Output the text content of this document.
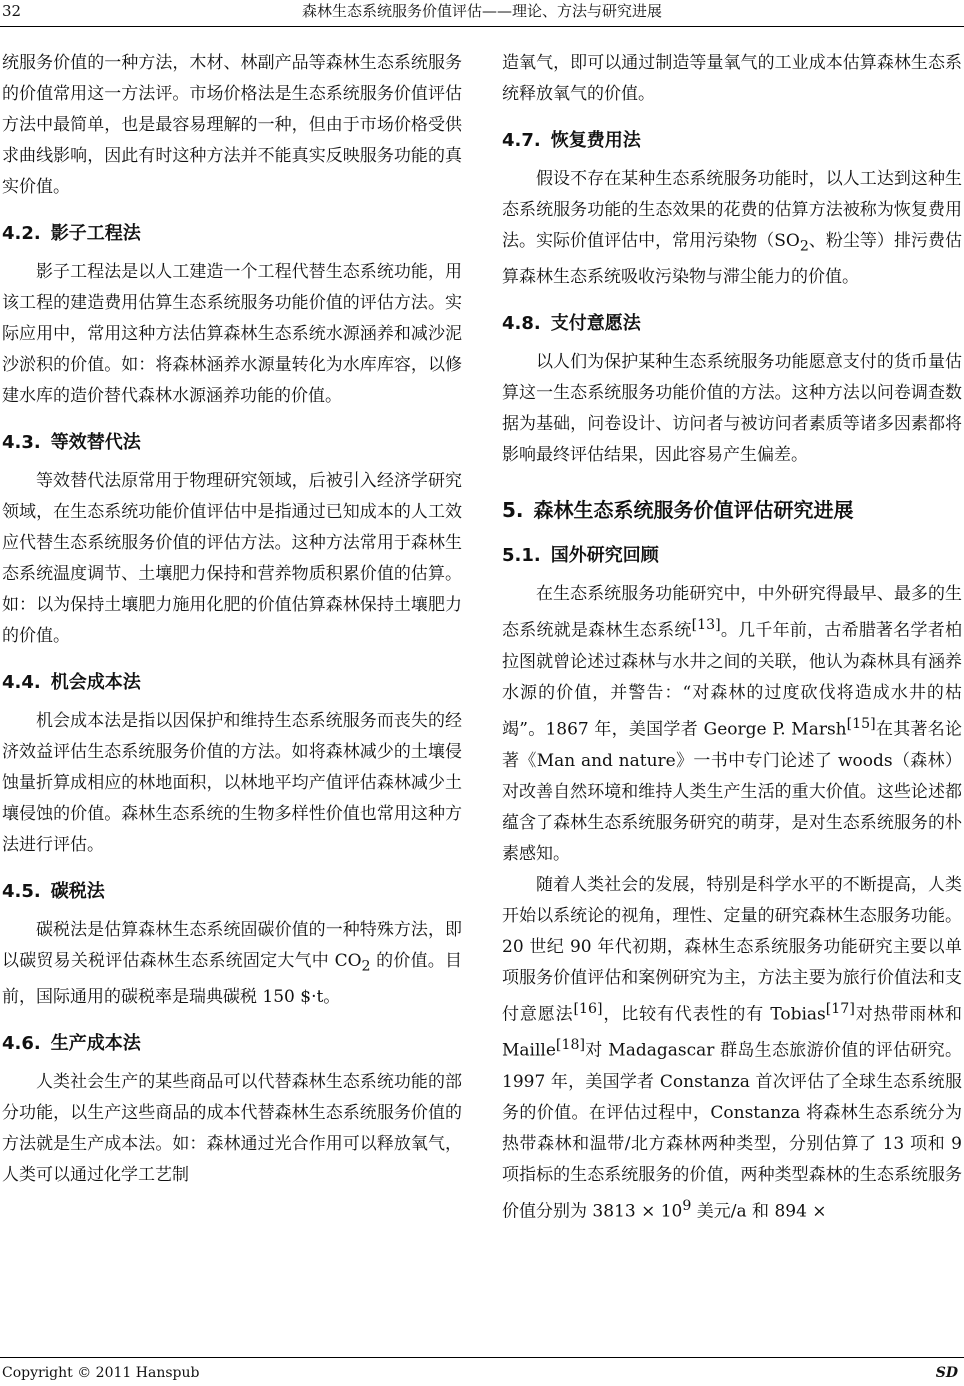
32	森林生态系统服务价值评估——理论、方法与研究进展

统服务价值的一种方法，木材、林副产品等森林生态系统服务的价值常用这一方法评。市场价格法是生态系统服务价值评估方法中最简单，也是最容易理解的一种，但由于市场价格受供求曲线影响，因此有时这种方法并不能真实反映服务功能的真实价值。

4.2. 影子工程法

影子工程法是以人工建造一个工程代替生态系统功能，用该工程的建造费用估算生态系统服务功能价值的评估方法。实际应用中，常用这种方法估算森林生态系统水源涵养和减沙泥沙淤积的价值。如：将森林涵养水源量转化为水库库容，以修建水库的造价替代森林水源涵养功能的价值。

4.3. 等效替代法

等效替代法原常用于物理研究领域，后被引入经济学研究领域，在生态系统功能价值评估中是指通过已知成本的人工效应代替生态系统服务价值的评估方法。这种方法常用于森林生态系统温度调节、土壤肥力保持和营养物质积累价值的估算。如：以为保持土壤肥力施用化肥的价值估算森林保持土壤肥力的价值。

4.4. 机会成本法

机会成本法是指以因保护和维持生态系统服务而丧失的经济效益评估生态系统服务价值的方法。如将森林减少的土壤侵蚀量折算成相应的林地面积，以林地平均产值评估森林减少土壤侵蚀的价值。森林生态系统的生物多样性价值也常用这种方法进行评估。

4.5. 碳税法

碳税法是估算森林生态系统固碳价值的一种特殊方法，即以碳贸易关税评估森林生态系统固定大气中 $CO_2$ 的价值。目前，国际通用的碳税率是瑞典碳税 150 $·t。

4.6. 生产成本法

人类社会生产的某些商品可以代替森林生态系统功能的部分功能，以生产这些商品的成本代替森林生态系统服务价值的方法就是生产成本法。如：森林通过光合作用可以释放氧气，人类可以通过化学工艺制

造氧气，即可以通过制造等量氧气的工业成本估算森林生态系统释放氧气的价值。

4.7. 恢复费用法

假设不存在某种生态系统服务功能时，以人工达到这种生态系统服务功能的生态效果的花费的估算方法被称为恢复费用法。实际价值评估中，常用污染物（$SO_2$、粉尘等）排污费估算森林生态系统吸收污染物与滞尘能力的价值。

4.8. 支付意愿法

以人们为保护某种生态系统服务功能愿意支付的货币量估算这一生态系统服务功能价值的方法。这种方法以问卷调查数据为基础，问卷设计、访问者与被访问者素质等诸多因素都将影响最终评估结果，因此容易产生偏差。

5. 森林生态系统服务价值评估研究进展
5.1. 国外研究回顾

在生态系统服务功能研究中，中外研究得最早、最多的生态系统就是森林生态系统[13]。几千年前，古希腊著名学者柏拉图就曾论述过森林与水井之间的关联，他认为森林具有涵养水源的价值，并警告：“对森林的过度砍伐将造成水井的枯竭”。1867 年，美国学者 George P. Marsh[15]在其著名论著《Man and nature》一书中专门论述了 woods（森林）对改善自然环境和维持人类生产生活的重大价值。这些论述都蕴含了森林生态系统服务研究的萌芽，是对生态系统服务的朴素感知。

随着人类社会的发展，特别是科学水平的不断提高，人类开始以系统论的视角，理性、定量的研究森林生态服务功能。20 世纪 90 年代初期，森林生态系统服务功能研究主要以单项服务价值评估和案例研究为主，方法主要为旅行价值法和支付意愿法[16]，比较有代表性的有 Tobias[17]对热带雨林和 Maille[18]对 Madagascar 群岛生态旅游价值的评估研究。1997 年，美国学者 Constanza 首次评估了全球生态系统服务的价值。在评估过程中，Constanza 将森林生态系统分为热带森林和温带/北方森林两种类型，分别估算了 13 项和 9 项指标的生态系统服务的价值，两种类型森林的生态系统服务价值分别为 $3813 \times 10^9$ 美元/a 和 894 ×

Copyright © 2011 Hanspub	SD
